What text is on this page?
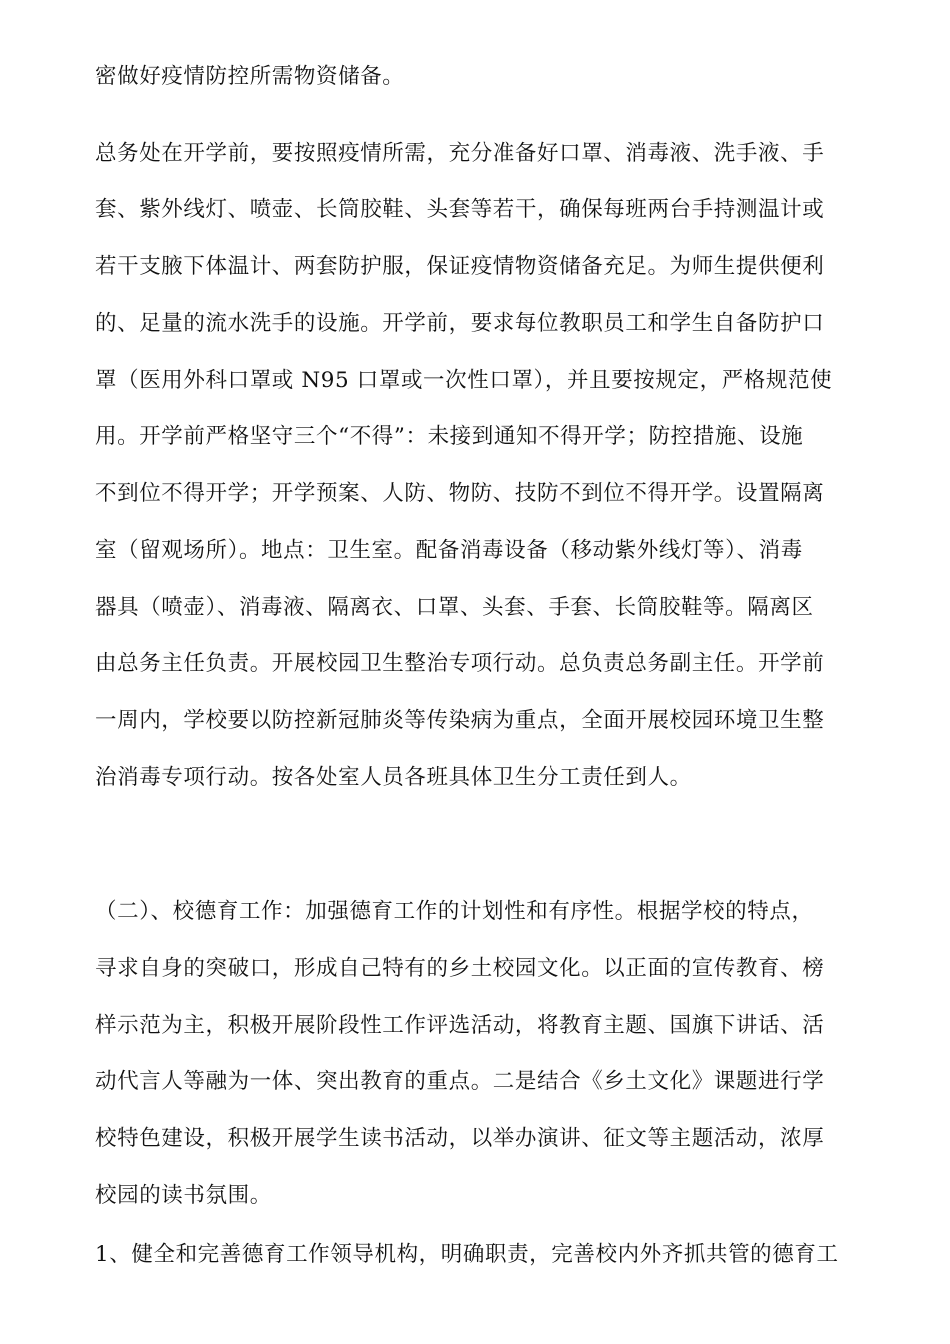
密做好疫情防控所需物资储备。
总务处在开学前，要按照疫情所需，充分准备好口罩、消毒液、洗手液、手
套、紫外线灯、喷壶、长筒胶鞋、头套等若干，确保每班两台手持测温计或
若干支腋下体温计、两套防护服，保证疫情物资储备充足。为师生提供便利
的、足量的流水洗手的设施。开学前，要求每位教职员工和学生自备防护口
罩（医用外科口罩或 N95 口罩或一次性口罩），并且要按规定，严格规范使
用。开学前严格坚守三个“不得”：未接到通知不得开学；防控措施、设施
不到位不得开学；开学预案、人防、物防、技防不到位不得开学。设置隔离
室（留观场所）。地点：卫生室。配备消毒设备（移动紫外线灯等）、消毒
器具（喷壶）、消毒液、隔离衣、口罩、头套、手套、长筒胶鞋等。隔离区
由总务主任负责。开展校园卫生整治专项行动。总负责总务副主任。开学前
一周内，学校要以防控新冠肺炎等传染病为重点，全面开展校园环境卫生整
治消毒专项行动。按各处室人员各班具体卫生分工责任到人。
（二）、校德育工作：加强德育工作的计划性和有序性。根据学校的特点，
寻求自身的突破口，形成自己特有的乡土校园文化。以正面的宣传教育、榜
样示范为主，积极开展阶段性工作评选活动，将教育主题、国旗下讲话、活
动代言人等融为一体、突出教育的重点。二是结合《乡土文化》课题进行学
校特色建设，积极开展学生读书活动，以举办演讲、征文等主题活动，浓厚
校园的读书氛围。
1、健全和完善德育工作领导机构，明确职责，完善校内外齐抓共管的德育工
